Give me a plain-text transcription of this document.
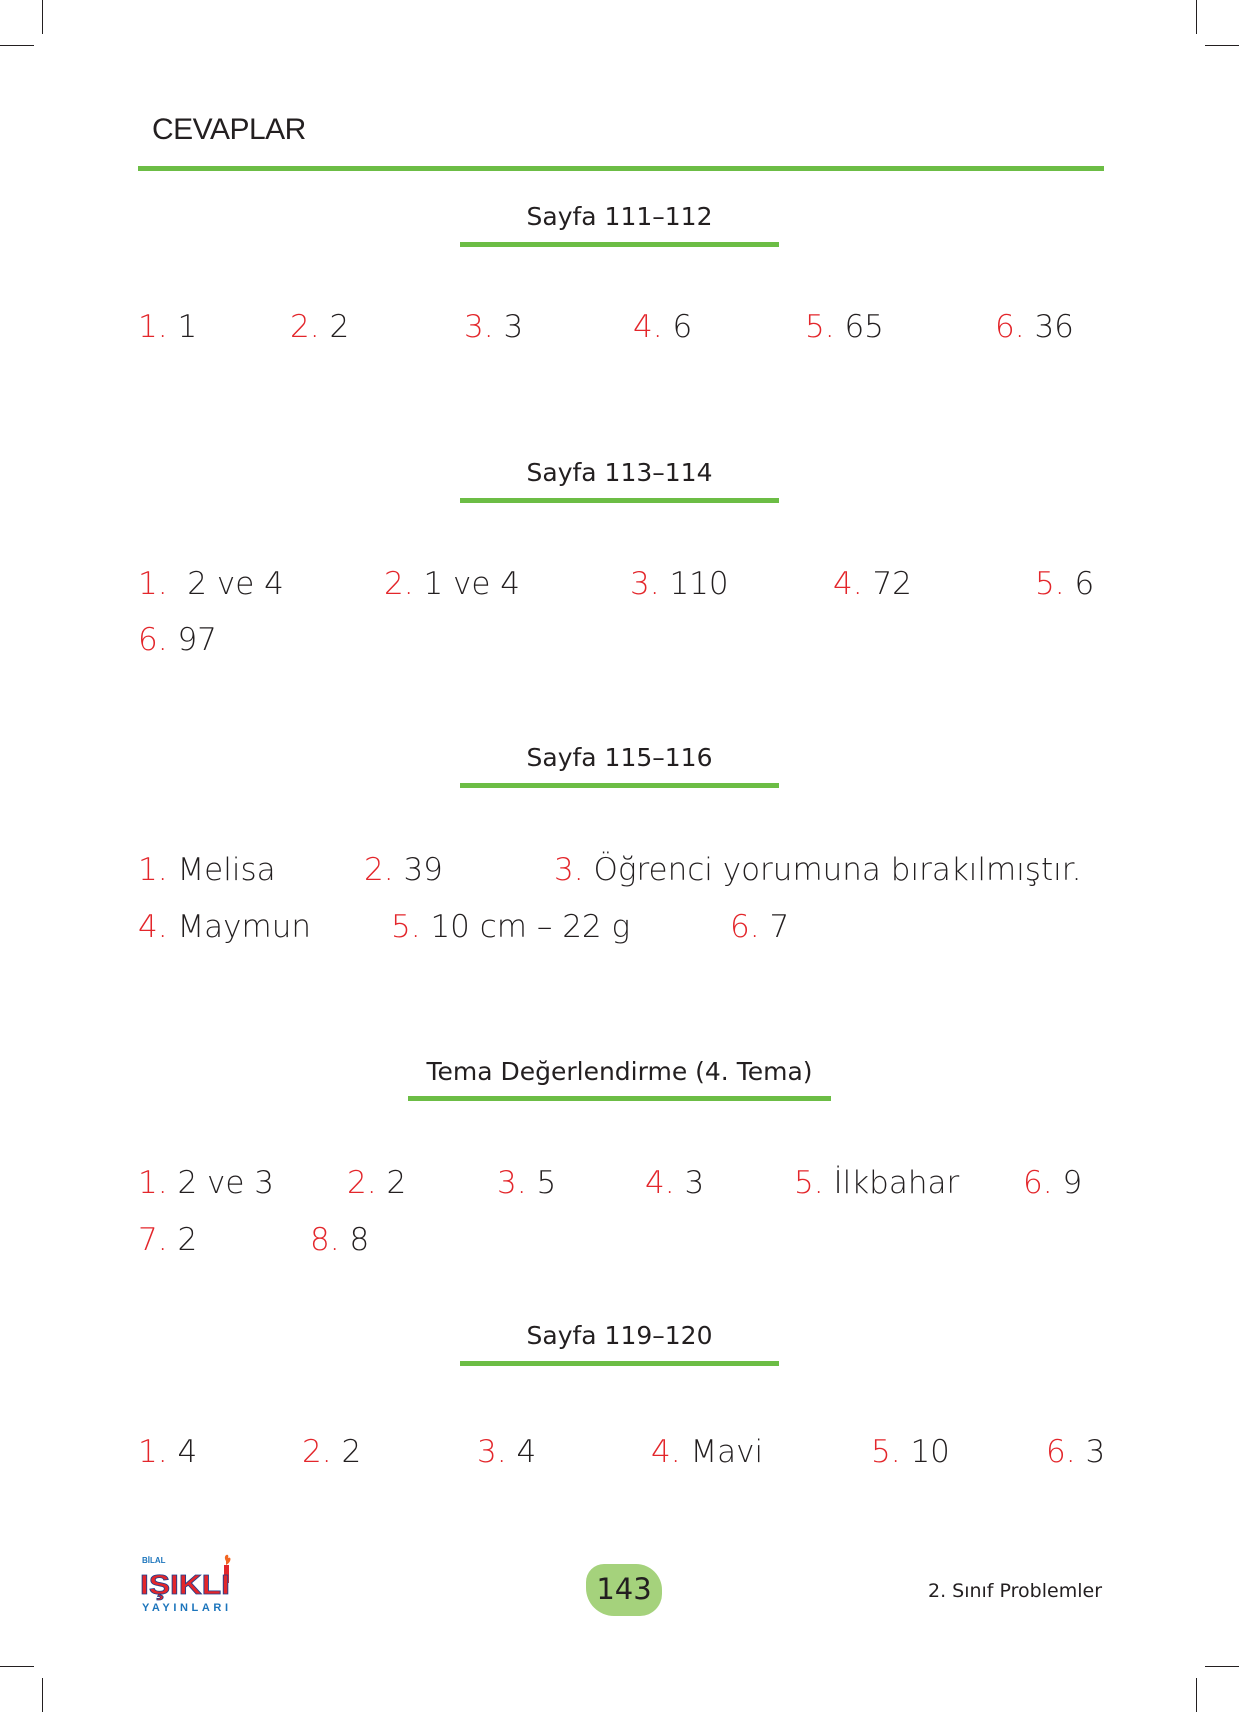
CEVAPLAR
Sayfa 111–112
1. 1	2. 2	3. 3	4. 6	5. 65	6. 36
Sayfa 113–114
1. 2 ve 4	2. 1 ve 4	3. 110	4. 72	5. 6
6. 97
Sayfa 115–116
1. Melisa	2. 39	3. Öğrenci yorumuna bırakılmıştır.
4. Maymun	5. 10 cm – 22 g	6. 7
Tema Değerlendirme (4. Tema)
1. 2 ve 3 2. 2	3. 5	4. 3	5. İlkbahar 6. 9
7. 2	8. 8
Sayfa 119–120
1. 4	2. 2	3. 4	4. Mavi	5. 10	6. 3
BİLAL
IŞIKLI
YAYINLARI
143	2. Sınıf Problemler
